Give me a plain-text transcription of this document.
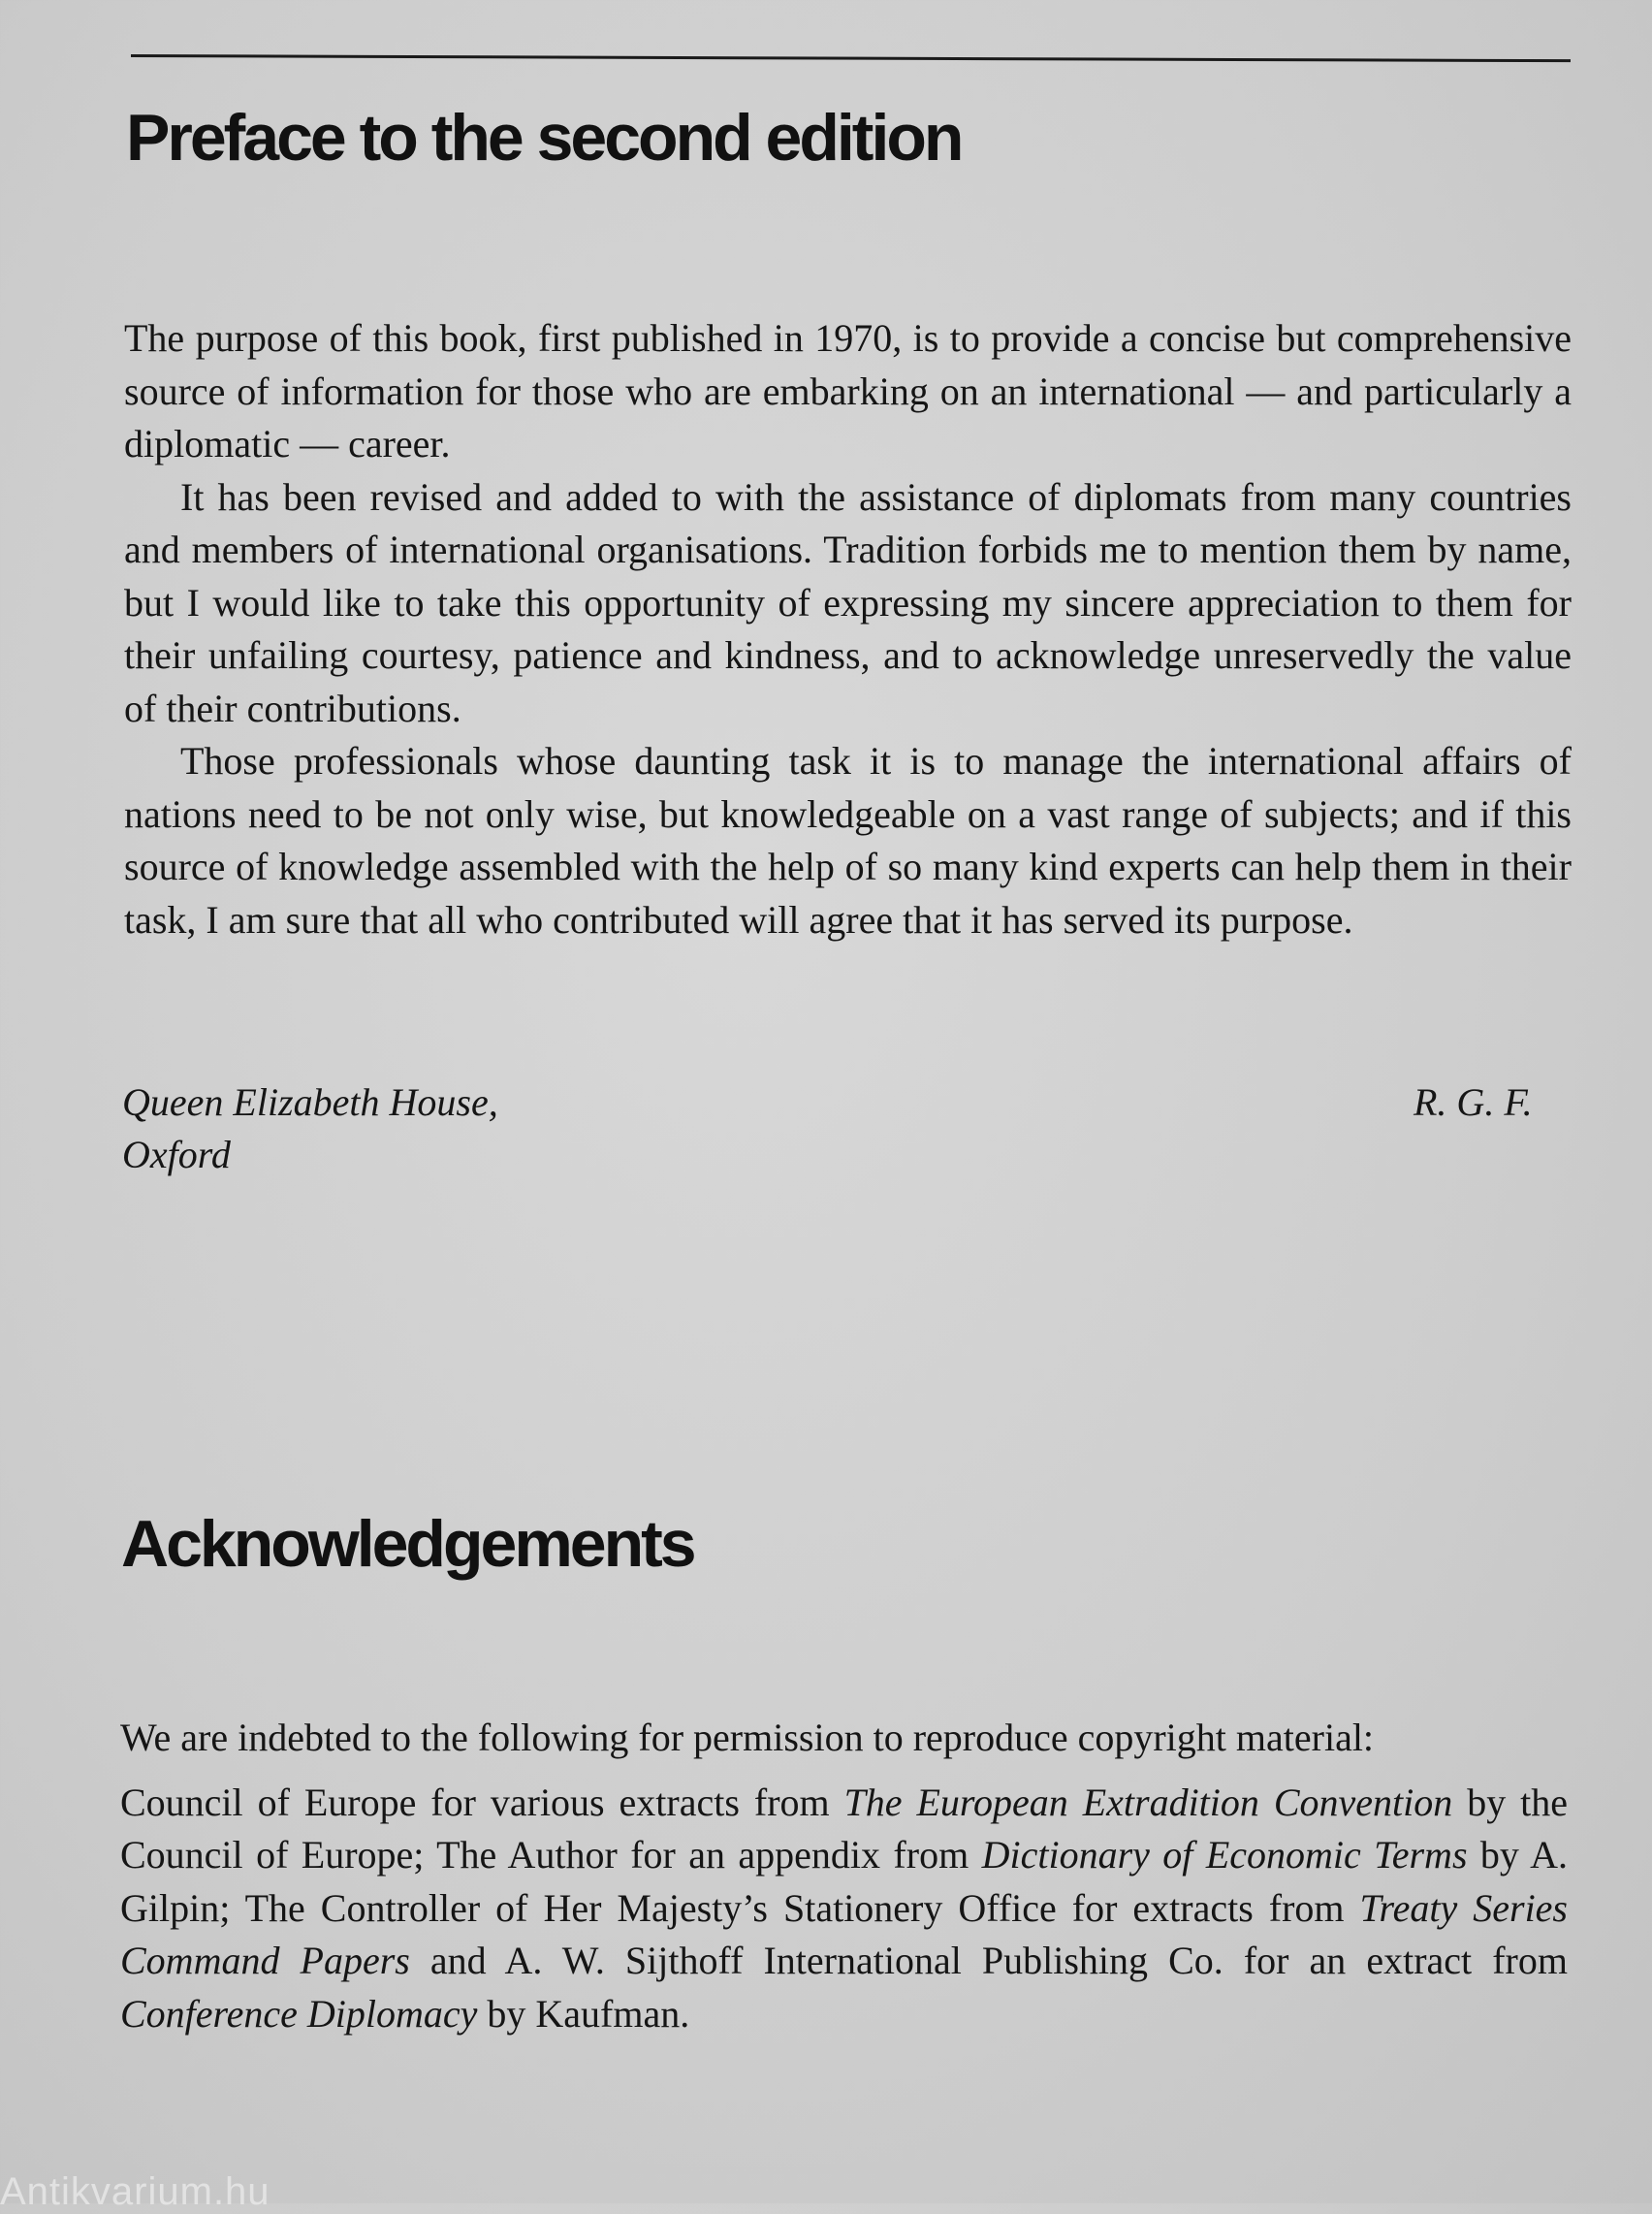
Preface to the second edition

The purpose of this book, first published in 1970, is to provide a concise but comprehensive source of information for those who are embarking on an international — and particularly a diplomatic — career.

It has been revised and added to with the assistance of diplomats from many countries and members of international organisations. Tradition forbids me to mention them by name, but I would like to take this opportunity of expressing my sincere appreciation to them for their unfailing courtesy, patience and kindness, and to acknowledge unreservedly the value of their contributions.

Those professionals whose daunting task it is to manage the international affairs of nations need to be not only wise, but knowledgeable on a vast range of subjects; and if this source of knowledge assembled with the help of so many kind experts can help them in their task, I am sure that all who contributed will agree that it has served its purpose.

Queen Elizabeth House,
Oxford
R. G. F.
Acknowledgements

We are indebted to the following for permission to reproduce copyright material:

Council of Europe for various extracts from The European Extradition Convention by the Council of Europe; The Author for an appendix from Dictionary of Economic Terms by A. Gilpin; The Controller of Her Majesty’s Stationery Office for extracts from Treaty Series Command Papers and A. W. Sijthoff International Publishing Co. for an extract from Conference Diplomacy by Kaufman.

Antikvarium.hu
